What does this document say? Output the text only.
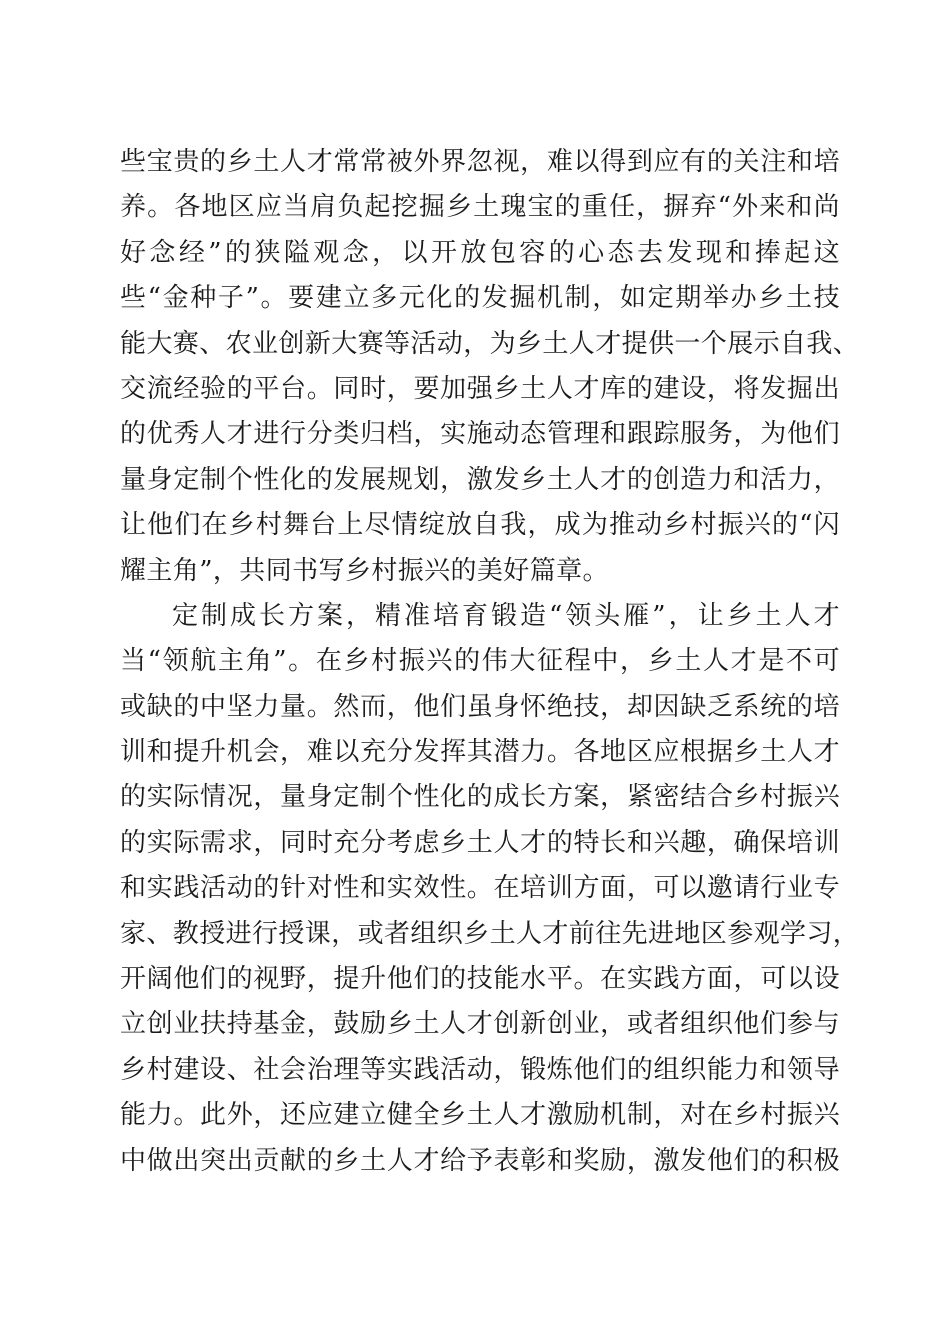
些宝贵的乡土人才常常被外界忽视，难以得到应有的关注和培
养。各地区应当肩负起挖掘乡土瑰宝的重任，摒弃“外来和尚
好念经”的狭隘观念，以开放包容的心态去发现和捧起这
些“金种子”。要建立多元化的发掘机制，如定期举办乡土技
能大赛、农业创新大赛等活动，为乡土人才提供一个展示自我、
交流经验的平台。同时，要加强乡土人才库的建设，将发掘出
的优秀人才进行分类归档，实施动态管理和跟踪服务，为他们
量身定制个性化的发展规划，激发乡土人才的创造力和活力，
让他们在乡村舞台上尽情绽放自我，成为推动乡村振兴的“闪
耀主角”，共同书写乡村振兴的美好篇章。
定制成长方案，精准培育锻造“领头雁”，让乡土人才
当“领航主角”。在乡村振兴的伟大征程中，乡土人才是不可
或缺的中坚力量。然而，他们虽身怀绝技，却因缺乏系统的培
训和提升机会，难以充分发挥其潜力。各地区应根据乡土人才
的实际情况，量身定制个性化的成长方案，紧密结合乡村振兴
的实际需求，同时充分考虑乡土人才的特长和兴趣，确保培训
和实践活动的针对性和实效性。在培训方面，可以邀请行业专
家、教授进行授课，或者组织乡土人才前往先进地区参观学习，
开阔他们的视野，提升他们的技能水平。在实践方面，可以设
立创业扶持基金，鼓励乡土人才创新创业，或者组织他们参与
乡村建设、社会治理等实践活动，锻炼他们的组织能力和领导
能力。此外，还应建立健全乡土人才激励机制，对在乡村振兴
中做出突出贡献的乡土人才给予表彰和奖励，激发他们的积极
